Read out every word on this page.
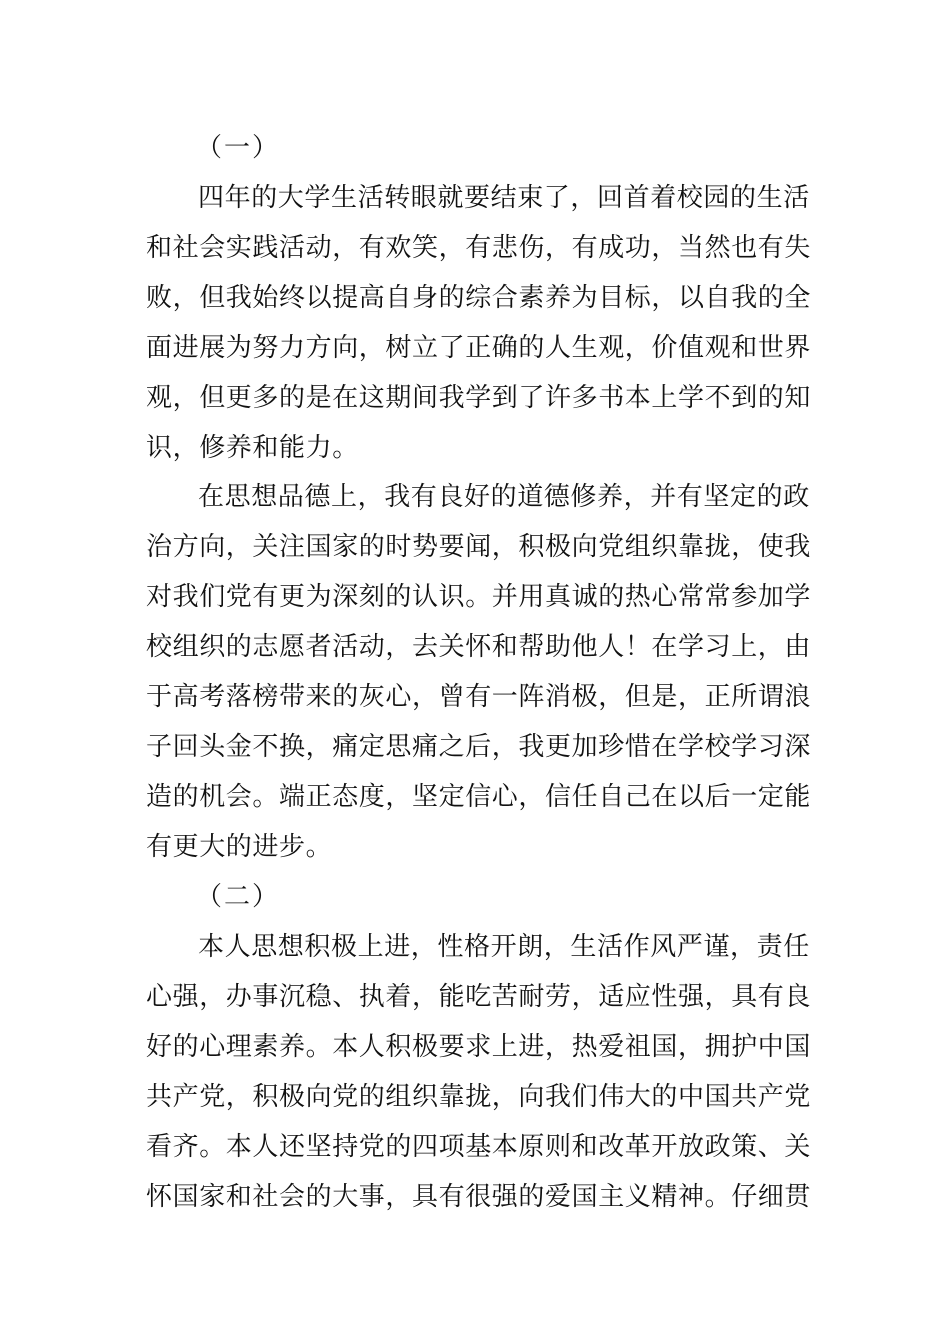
（一）
四年的大学生活转眼就要结束了，回首着校园的生活
和社会实践活动，有欢笑，有悲伤，有成功，当然也有失
败，但我始终以提高自身的综合素养为目标，以自我的全
面进展为努力方向，树立了正确的人生观，价值观和世界
观，但更多的是在这期间我学到了许多书本上学不到的知
识，修养和能力。
在思想品德上，我有良好的道德修养，并有坚定的政
治方向，关注国家的时势要闻，积极向党组织靠拢，使我
对我们党有更为深刻的认识。并用真诚的热心常常参加学
校组织的志愿者活动，去关怀和帮助他人！在学习上，由
于高考落榜带来的灰心，曾有一阵消极，但是，正所谓浪
子回头金不换，痛定思痛之后，我更加珍惜在学校学习深
造的机会。端正态度，坚定信心，信任自己在以后一定能
有更大的进步。
（二）
本人思想积极上进，性格开朗，生活作风严谨，责任
心强，办事沉稳、执着，能吃苦耐劳，适应性强，具有良
好的心理素养。本人积极要求上进，热爱祖国，拥护中国
共产党，积极向党的组织靠拢，向我们伟大的中国共产党
看齐。本人还坚持党的四项基本原则和改革开放政策、关
怀国家和社会的大事，具有很强的爱国主义精神。仔细贯
